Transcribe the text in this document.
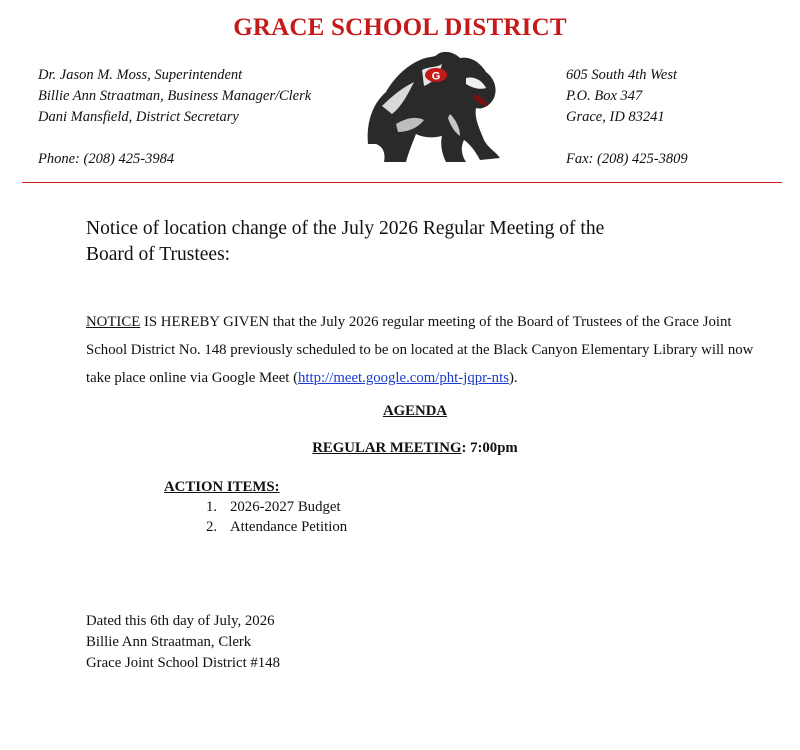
GRACE SCHOOL DISTRICT
Dr. Jason M. Moss, Superintendent
Billie Ann Straatman, Business Manager/Clerk
Dani Mansfield, District Secretary
605 South 4th West
P.O. Box 347
Grace, ID 83241
Phone: (208) 425-3984	Fax: (208) 425-3809
G
Notice of location change of the July 2026 Regular Meeting of the
Board of Trustees:
NOTICE IS HEREBY GIVEN that the July 2026 regular meeting of the Board of Trustees of the Grace Joint School District No. 148 previously scheduled to be on located at the Black Canyon Elementary Library will now take place online via Google Meet (http://meet.google.com/pht-jqpr-nts).
AGENDA
REGULAR MEETING: 7:00pm
ACTION ITEMS:
1. 2026-2027 Budget
2. Attendance Petition
Dated this 6th day of July, 2026
Billie Ann Straatman, Clerk
Grace Joint School District #148
